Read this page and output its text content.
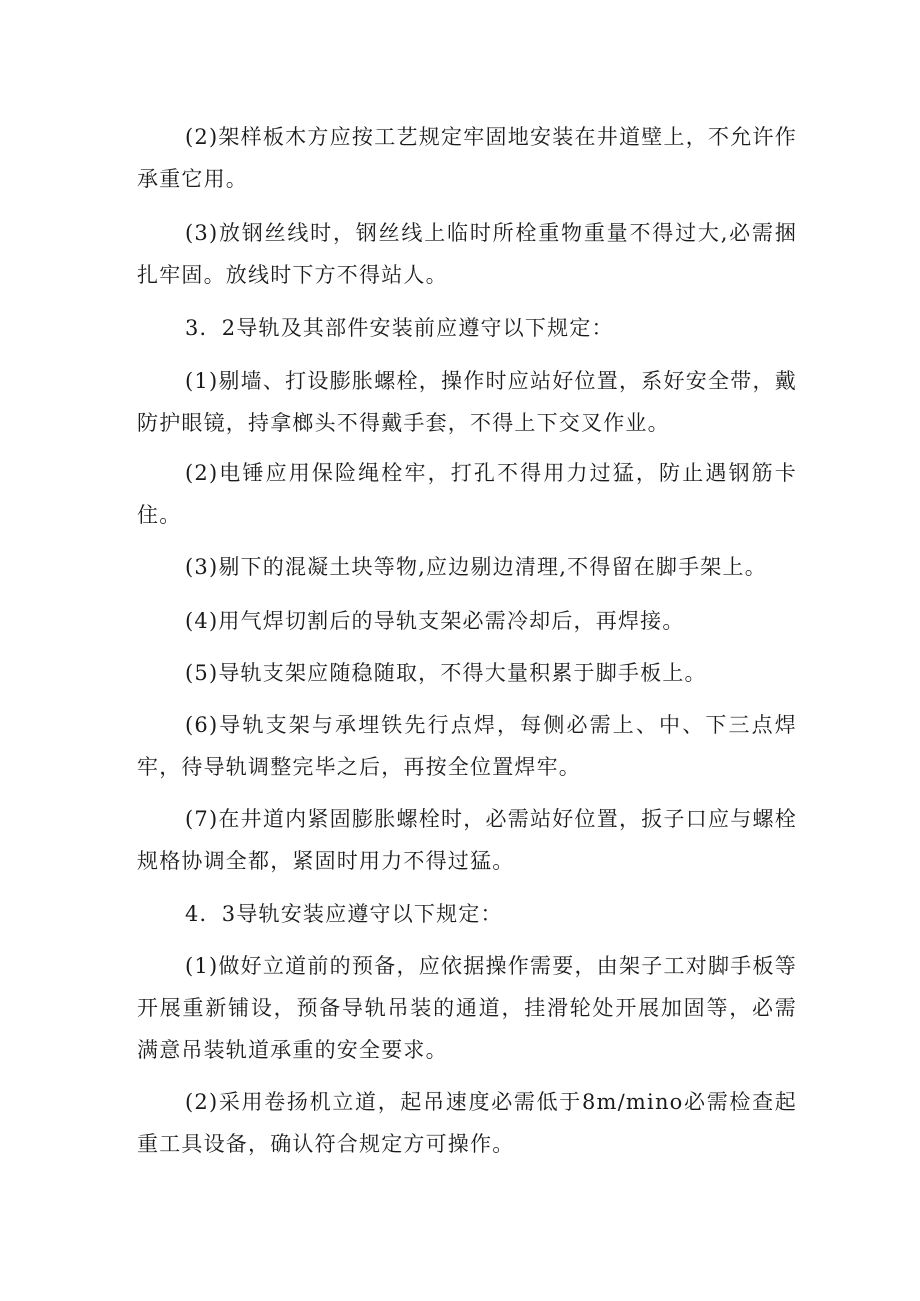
(2)架样板木方应按工艺规定牢固地安装在井道壁上，不允许作承重它用。

(3)放钢丝线时，钢丝线上临时所栓重物重量不得过大,必需捆扎牢固。放线时下方不得站人。

3．2导轨及其部件安装前应遵守以下规定：

(1)剔墙、打设膨胀螺栓，操作时应站好位置，系好安全带，戴防护眼镜，持拿榔头不得戴手套，不得上下交叉作业。

(2)电锤应用保险绳栓牢，打孔不得用力过猛，防止遇钢筋卡住。

(3)剔下的混凝土块等物,应边剔边清理,不得留在脚手架上。

(4)用气焊切割后的导轨支架必需冷却后，再焊接。

(5)导轨支架应随稳随取，不得大量积累于脚手板上。

(6)导轨支架与承埋铁先行点焊，每侧必需上、中、下三点焊牢，待导轨调整完毕之后，再按全位置焊牢。

(7)在井道内紧固膨胀螺栓时，必需站好位置，扳子口应与螺栓规格协调全都，紧固时用力不得过猛。

4．3导轨安装应遵守以下规定：

(1)做好立道前的预备，应依据操作需要，由架子工对脚手板等开展重新铺设，预备导轨吊装的通道，挂滑轮处开展加固等，必需满意吊装轨道承重的安全要求。

(2)采用卷扬机立道，起吊速度必需低于8m∕mino必需检查起重工具设备，确认符合规定方可操作。
